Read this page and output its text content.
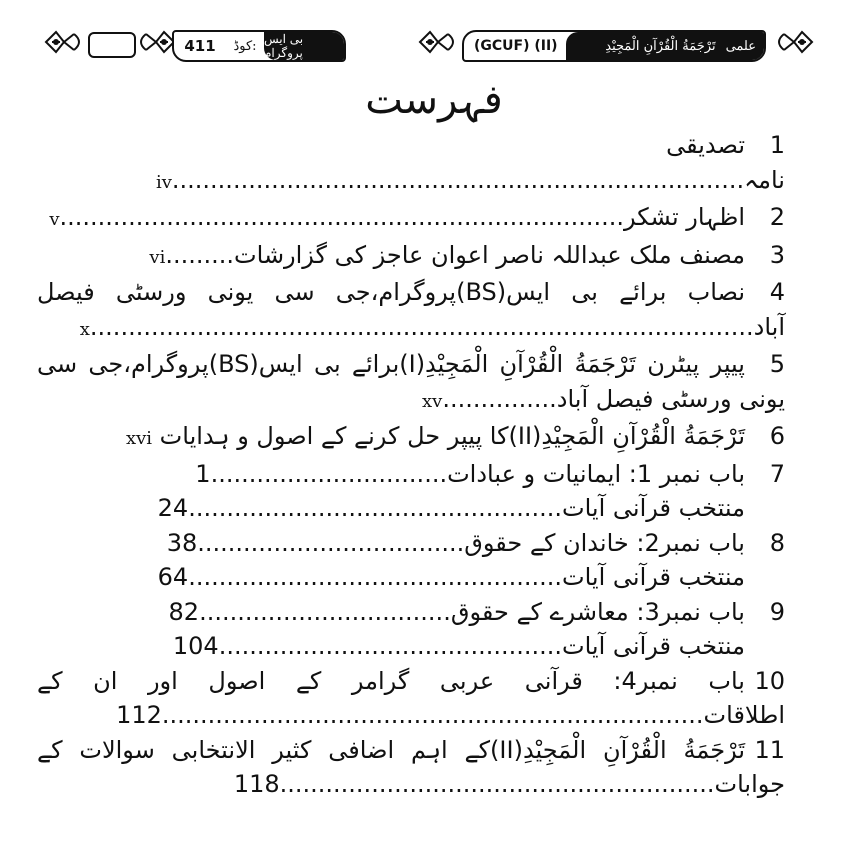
411	کوڈ: بی ایس پروگرام	(GCUF) (II)	علمی
تَرْجَمَةُ الْقُرْآنِ الْمَجِيْدِ
فہرست

1تصدیقی نامہ...........................................................................iv

2اظہار تشکر..........................................................................v

3مصنف ملک عبداللہ ناصر اعوان عاجز کی گزارشات.........vi

4نصاب برائے بی ایس(BS)پروگرام،جی سی یونی ورسٹی فیصل آباد.......................................................................................x

5پیپر پیٹرن تَرْجَمَةُ الْقُرْآنِ الْمَجِيْدِ(I)برائے بی ایس(BS)پروگرام،جی سی یونی ورسٹی فیصل آباد...............xv

6تَرْجَمَةُ الْقُرْآنِ الْمَجِيْدِ(II)کا پیپر حل کرنے کے اصول و ہدایات xvi

7باب نمبر 1: ایمانیات و عبادات...............................1

منتخب قرآنی آیات.................................................24

8باب نمبر2: خاندان کے حقوق...................................38

منتخب قرآنی آیات.................................................64

9باب نمبر3: معاشرے کے حقوق.................................82

منتخب قرآنی آیات.............................................104

10باب نمبر4: قرآنی عربی گرامر کے اصول اور ان کے اطلاقات.......................................................................112

11تَرْجَمَةُ الْقُرْآنِ الْمَجِيْدِ(II)کے اہم اضافی کثیر الانتخابی سوالات کے جوابات.........................................................118
